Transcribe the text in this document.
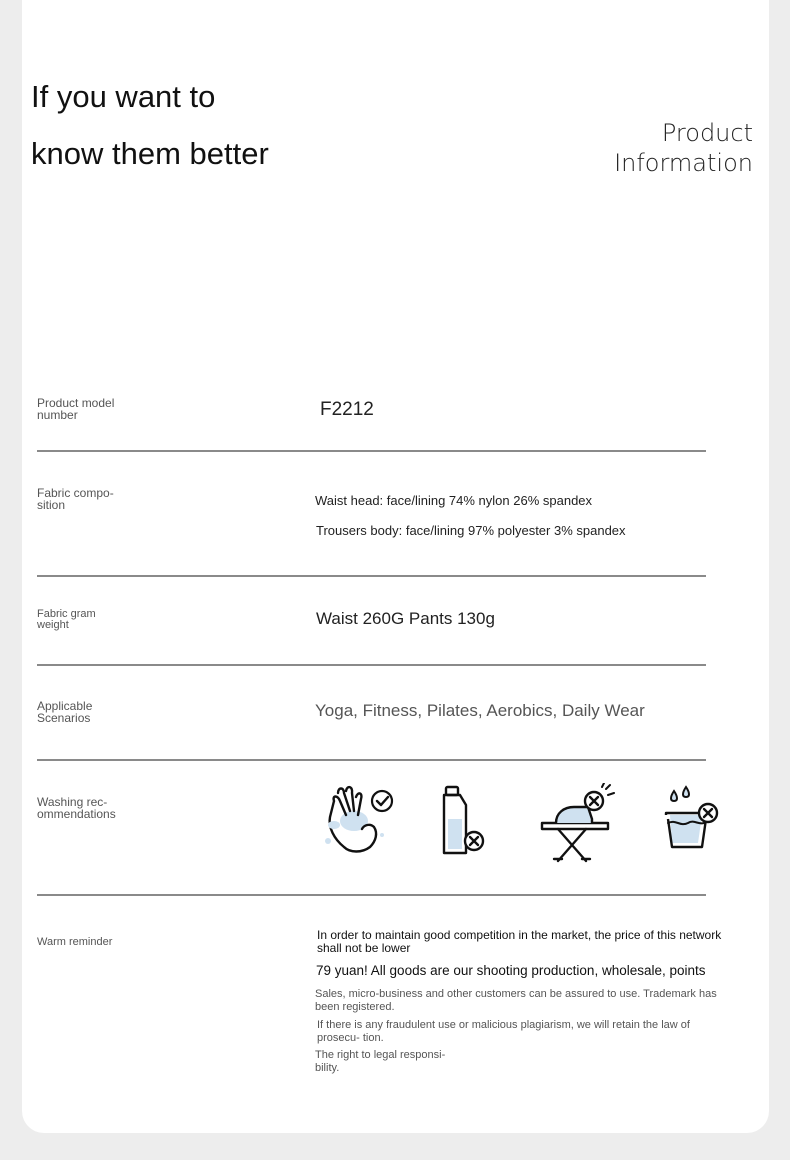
If you want to
know them better
Product
Information
Product model number	F2212
Fabric compo- sition	Waist head: face/lining 74% nylon 26% spandex
Trousers body: face/lining 97% polyester 3% spandex
Fabric gram weight	Waist 260G Pants 130g
Applicable Scenarios	Yoga, Fitness, Pilates, Aerobics, Daily Wear
Washing rec- ommendations
Warm reminder	In order to maintain good competition in the market, the price of this network shall not be lower
79 yuan! All goods are our shooting production, wholesale, points
Sales, micro-business and other customers can be assured to use. Trademark has been registered.
If there is any fraudulent use or malicious plagiarism, we will retain the law of prosecu- tion.
The right to legal responsi- bility.
